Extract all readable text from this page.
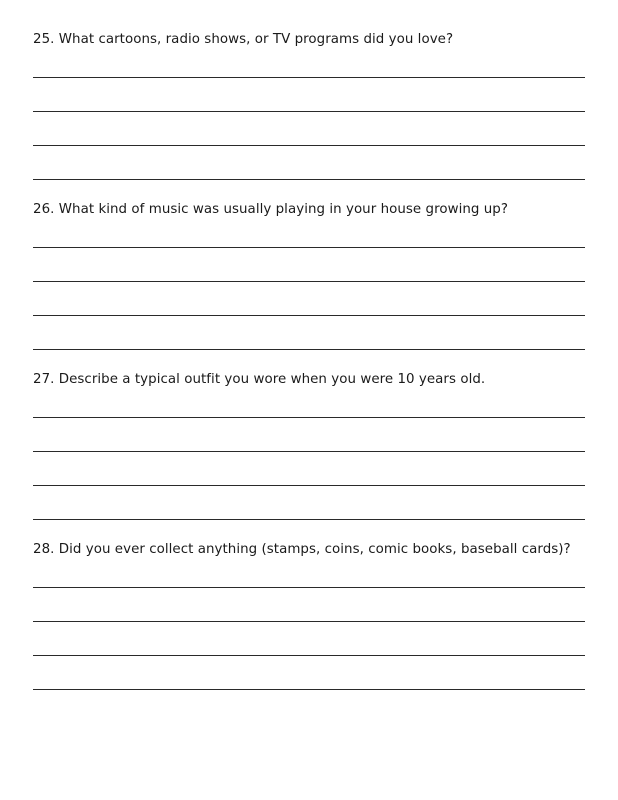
25. What cartoons, radio shows, or TV programs did you love?

26. What kind of music was usually playing in your house growing up?

27. Describe a typical outfit you wore when you were 10 years old.

28. Did you ever collect anything (stamps, coins, comic books, baseball cards)?
